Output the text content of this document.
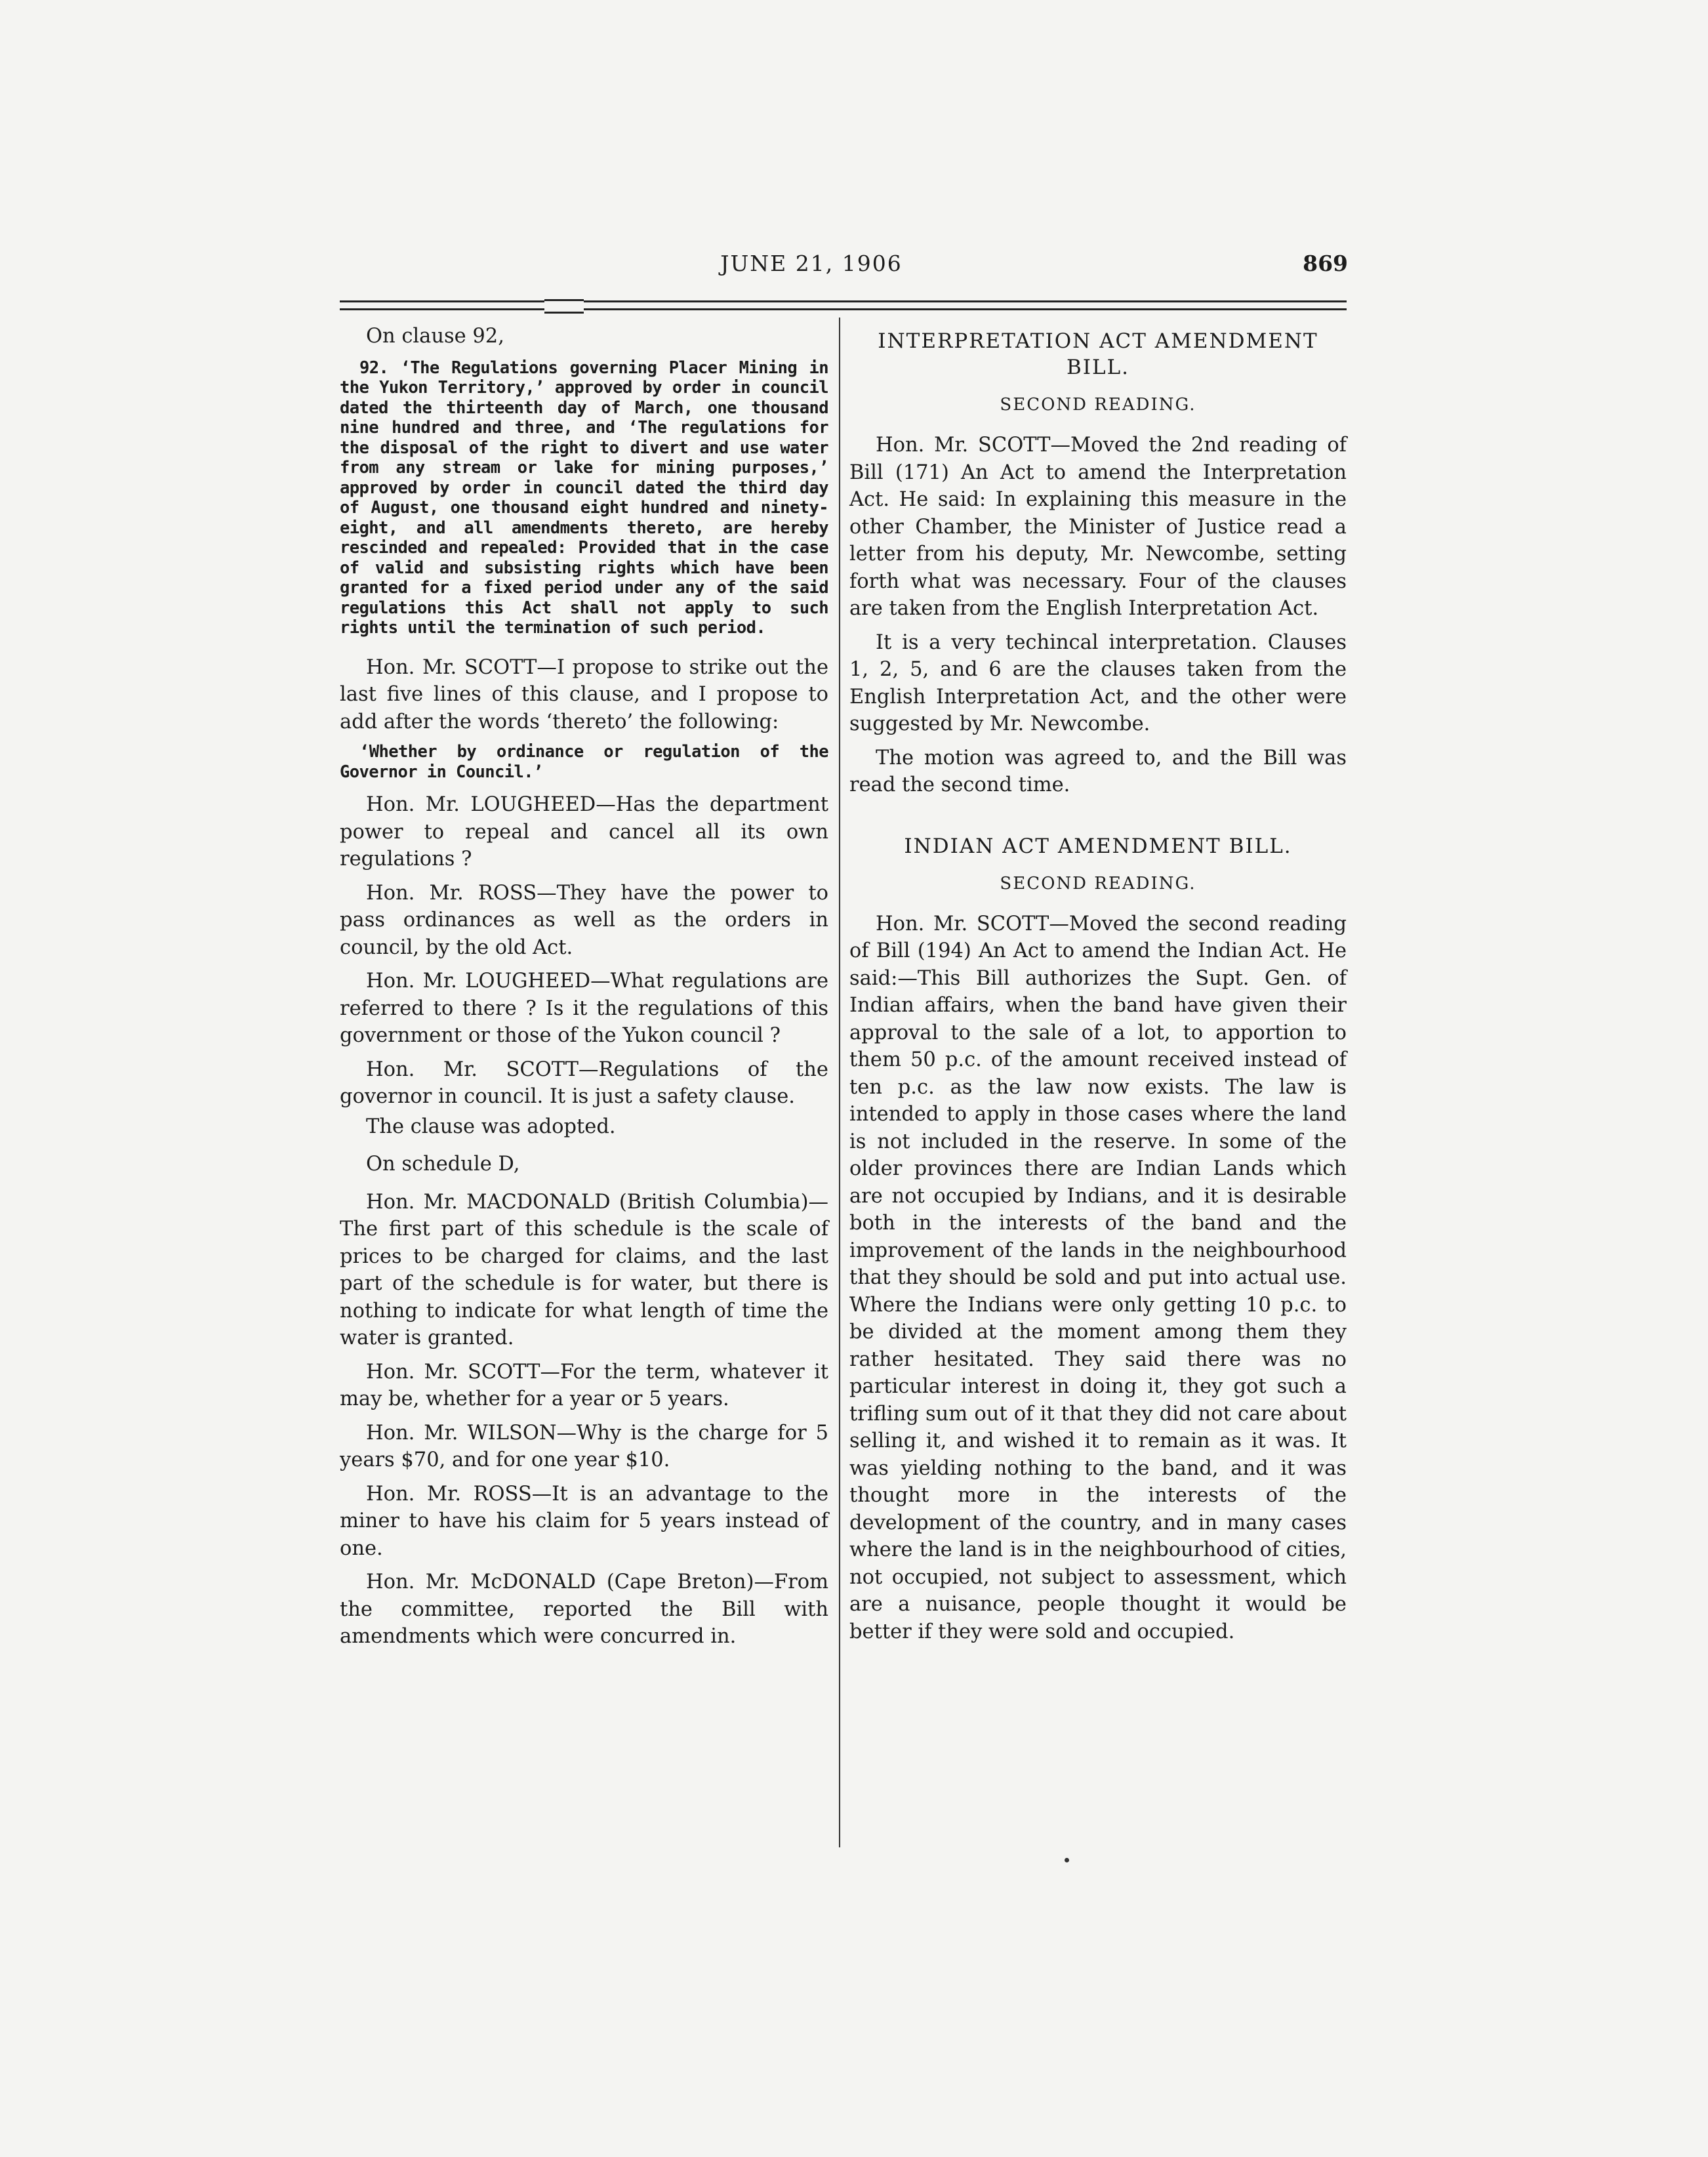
JUNE 21, 1906	869

On clause 92,

92. ‘The Regulations governing Placer Mining in the Yukon Territory,’ approved by order in council dated the thirteenth day of March, one thousand nine hundred and three, and ‘The regulations for the disposal of the right to divert and use water from any stream or lake for mining purposes,’ approved by order in council dated the third day of August, one thousand eight hundred and ninety-eight, and all amendments thereto, are hereby rescinded and repealed: Provided that in the case of valid and subsisting rights which have been granted for a fixed period under any of the said regulations this Act shall not apply to such rights until the termination of such period.

Hon. Mr. SCOTT—I propose to strike out the last five lines of this clause, and I propose to add after the words ‘thereto’ the following:

‘Whether by ordinance or regulation of the Governor in Council.’

Hon. Mr. LOUGHEED—Has the department power to repeal and cancel all its own regulations ?

Hon. Mr. ROSS—They have the power to pass ordinances as well as the orders in council, by the old Act.

Hon. Mr. LOUGHEED—What regulations are referred to there ? Is it the regulations of this government or those of the Yukon council ?

Hon. Mr. SCOTT—Regulations of the governor in council. It is just a safety clause.

The clause was adopted.

On schedule D,

Hon. Mr. MACDONALD (British Columbia)—The first part of this schedule is the scale of prices to be charged for claims, and the last part of the schedule is for water, but there is nothing to indicate for what length of time the water is granted.

Hon. Mr. SCOTT—For the term, whatever it may be, whether for a year or 5 years.

Hon. Mr. WILSON—Why is the charge for 5 years $70, and for one year $10.

Hon. Mr. ROSS—It is an advantage to the miner to have his claim for 5 years instead of one.

Hon. Mr. McDONALD (Cape Breton)—From the committee, reported the Bill with amendments which were concurred in.

INTERPRETATION ACT AMENDMENT BILL.
SECOND READING.

Hon. Mr. SCOTT—Moved the 2nd reading of Bill (171) An Act to amend the Interpretation Act. He said: In explaining this measure in the other Chamber, the Minister of Justice read a letter from his deputy, Mr. Newcombe, setting forth what was necessary. Four of the clauses are taken from the English Interpretation Act.

It is a very techincal interpretation. Clauses 1, 2, 5, and 6 are the clauses taken from the English Interpretation Act, and the other were suggested by Mr. Newcombe.

The motion was agreed to, and the Bill was read the second time.

INDIAN ACT AMENDMENT BILL.
SECOND READING.

Hon. Mr. SCOTT—Moved the second reading of Bill (194) An Act to amend the Indian Act. He said:—This Bill authorizes the Supt. Gen. of Indian affairs, when the band have given their approval to the sale of a lot, to apportion to them 50 p.c. of the amount received instead of ten p.c. as the law now exists. The law is intended to apply in those cases where the land is not included in the reserve. In some of the older provinces there are Indian Lands which are not occupied by Indians, and it is desirable both in the interests of the band and the improvement of the lands in the neighbourhood that they should be sold and put into actual use. Where the Indians were only getting 10 p.c. to be divided at the moment among them they rather hesitated. They said there was no particular interest in doing it, they got such a trifling sum out of it that they did not care about selling it, and wished it to remain as it was. It was yielding nothing to the band, and it was thought more in the interests of the development of the country, and in many cases where the land is in the neighbourhood of cities, not occupied, not subject to assessment, which are a nuisance, people thought it would be better if they were sold and occupied.
